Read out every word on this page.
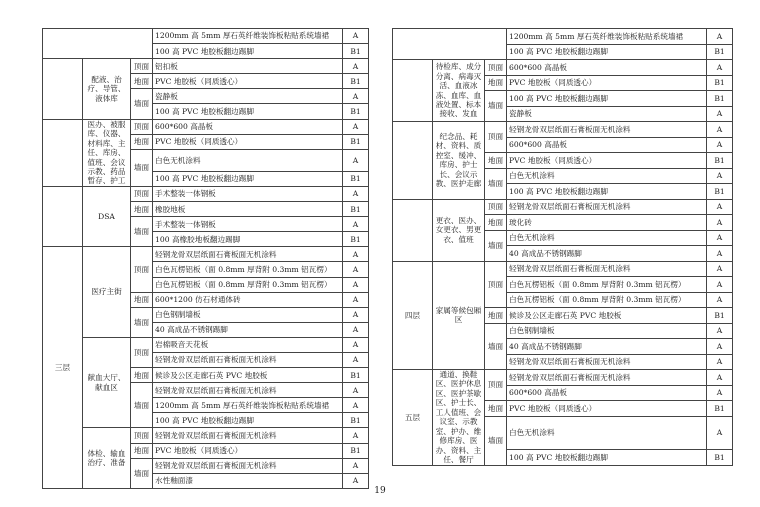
			1200mm 高 5mm 厚石英纤维装饰板粘贴系统墙裙	A
			100 高 PVC 地胶板翻边踢脚	B1
	配液、治疗、导管、液体库	顶面	铝扣板	A
		地面	PVC 地胶板（同质透心）	B1
		墙面	瓷静板	A
			100 高 PVC 地胶板翻边踢脚	B1
	医办、被服库、仪器、材料库、主任、库房、值班、会议示教、药品暂存、护工	顶面	600*600 高晶板	A
		地面	PVC 地胶板（同质透心）	B1
		墙面	白色无机涂料	A
			100 高 PVC 地胶板翻边踢脚	B1
	DSA	顶面	手术整装一体钢板	A
		地面	橡胶地板	B1
		墙面	手术整装一体钢板	A
			100 高橡胶地板翻边踢脚	B1
三层	医疗主街	顶面	轻钢龙骨双层纸面石膏板面无机涂料	A
			白色瓦楞铝板（面 0.8mm 厚背附 0.3mm 铝瓦楞）	A
			白色瓦楞铝板（面 0.8mm 厚背附 0.3mm 铝瓦楞）	A
		地面	600*1200 仿石材通体砖	A
		墙面	白色钢制墙板	A
			40 高成品不锈钢踢脚	A
	献血大厅、献血区	顶面	岩棉吸音天花板	A
			轻钢龙骨双层纸面石膏板面无机涂料	A
		地面	候诊及公区走廊石英 PVC 地胶板	B1
		墙面	轻钢龙骨双层纸面石膏板面无机涂料	A
			1200mm 高 5mm 厚石英纤维装饰板粘贴系统墙裙	A
			100 高 PVC 地胶板翻边踢脚	B1
	体检、输血治疗、准备	顶面	轻钢龙骨双层纸面石膏板面无机涂料	A
		地面	PVC 地胶板（同质透心）	B1
		墙面	轻钢龙骨双层纸面石膏板面无机涂料	A
			水性釉面漆	A
			1200mm 高 5mm 厚石英纤维装饰板粘贴系统墙裙	A
			100 高 PVC 地胶板翻边踢脚	B1
	待检库、成分分离、病毒灭活、血液冰冻、血库、血液处置、标本接收、发血	顶面	600*600 高晶板	A
		地面	PVC 地胶板（同质透心）	B1
		墙面	100 高 PVC 地胶板翻边踢脚	B1
			瓷静板	A
	纪念品、耗材、资料、质控室、缓冲、库房、护士长、会议示教、医护走廊	顶面	轻钢龙骨双层纸面石膏板面无机涂料	A
			600*600 高晶板	A
		地面	PVC 地胶板（同质透心）	B1
		墙面	白色无机涂料	A
			100 高 PVC 地胶板翻边踢脚	B1
	更衣、医办、女更衣、男更衣、值班	顶面	轻钢龙骨双层纸面石膏板面无机涂料	A
		地面	玻化砖	A
		墙面	白色无机涂料	A
			40 高成品不锈钢踢脚	A
四层	家属等候包厢区	顶面	轻钢龙骨双层纸面石膏板面无机涂料	A
			白色瓦楞铝板（面 0.8mm 厚背附 0.3mm 铝瓦楞）	A
			白色瓦楞铝板（面 0.8mm 厚背附 0.3mm 铝瓦楞）	A
		地面	候诊及公区走廊石英 PVC 地胶板	B1
		墙面	白色钢制墙板	A
			40 高成品不锈钢踢脚	A
			轻钢龙骨双层纸面石膏板面无机涂料	A
五层	通道、换鞋区、医护休息区、医护茶歇区、护士长、工人值班、会议室、示教室、护办、维修库房、医办、资料、主任、餐厅	顶面	轻钢龙骨双层纸面石膏板面无机涂料	A
			600*600 高晶板	A
		地面	PVC 地胶板（同质透心）	B1
		墙面	白色无机涂料	A
			100 高 PVC 地胶板翻边踢脚	B1
19
